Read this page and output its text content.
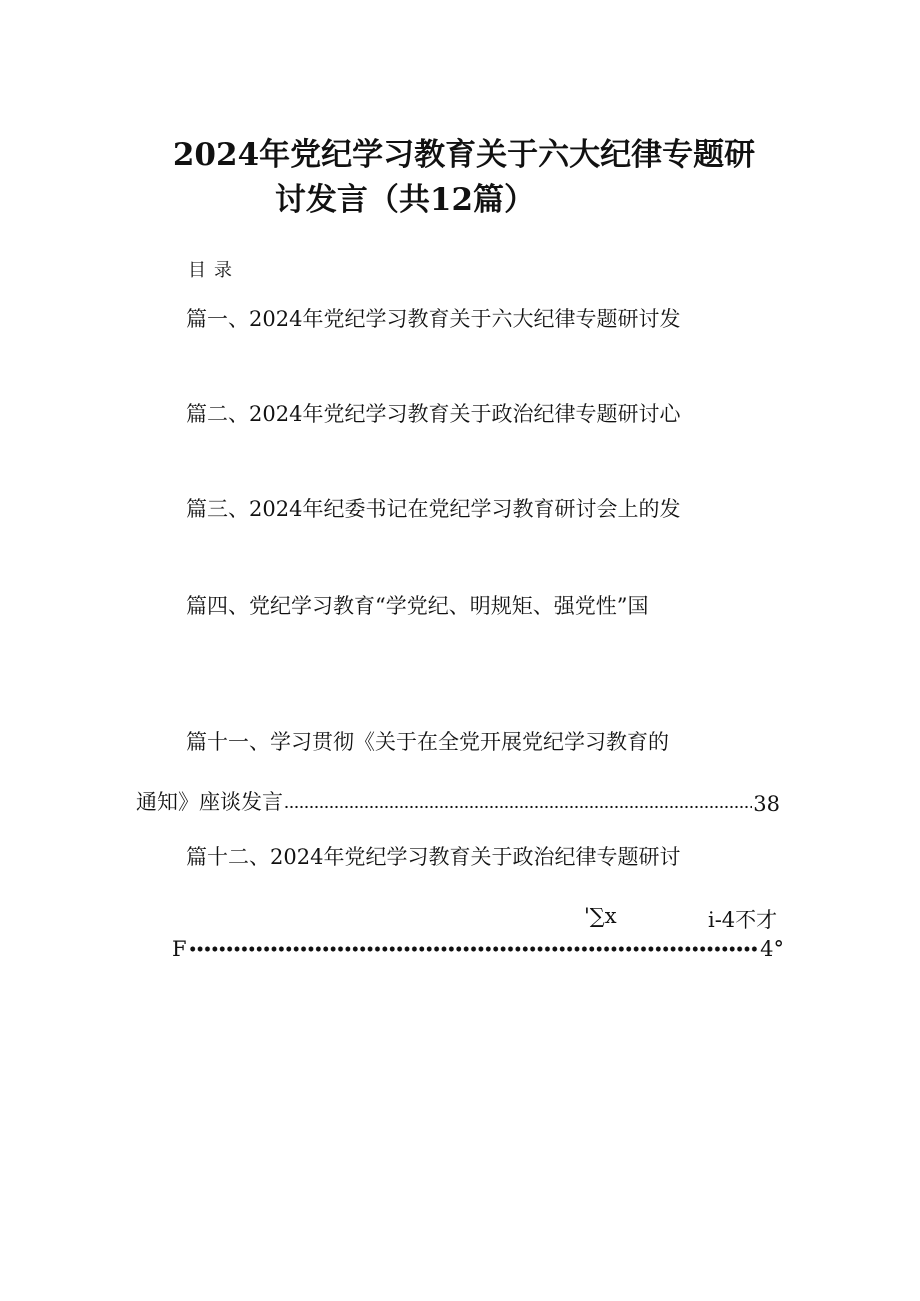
2024年党纪学习教育关于六大纪律专题研
讨发言（共12篇）
目录
篇一、2024年党纪学习教育关于六大纪律专题研讨发
篇二、2024年党纪学习教育关于政治纪律专题研讨心
篇三、2024年纪委书记在党纪学习教育研讨会上的发
篇四、党纪学习教育“学党纪、明规矩、强党性”国
篇十一、学习贯彻《关于在全党开展党纪学习教育的
通知》座谈发言	38
篇十二、2024年党纪学习教育关于政治纪律专题研讨
'∑x	i-4不才
F	4°
